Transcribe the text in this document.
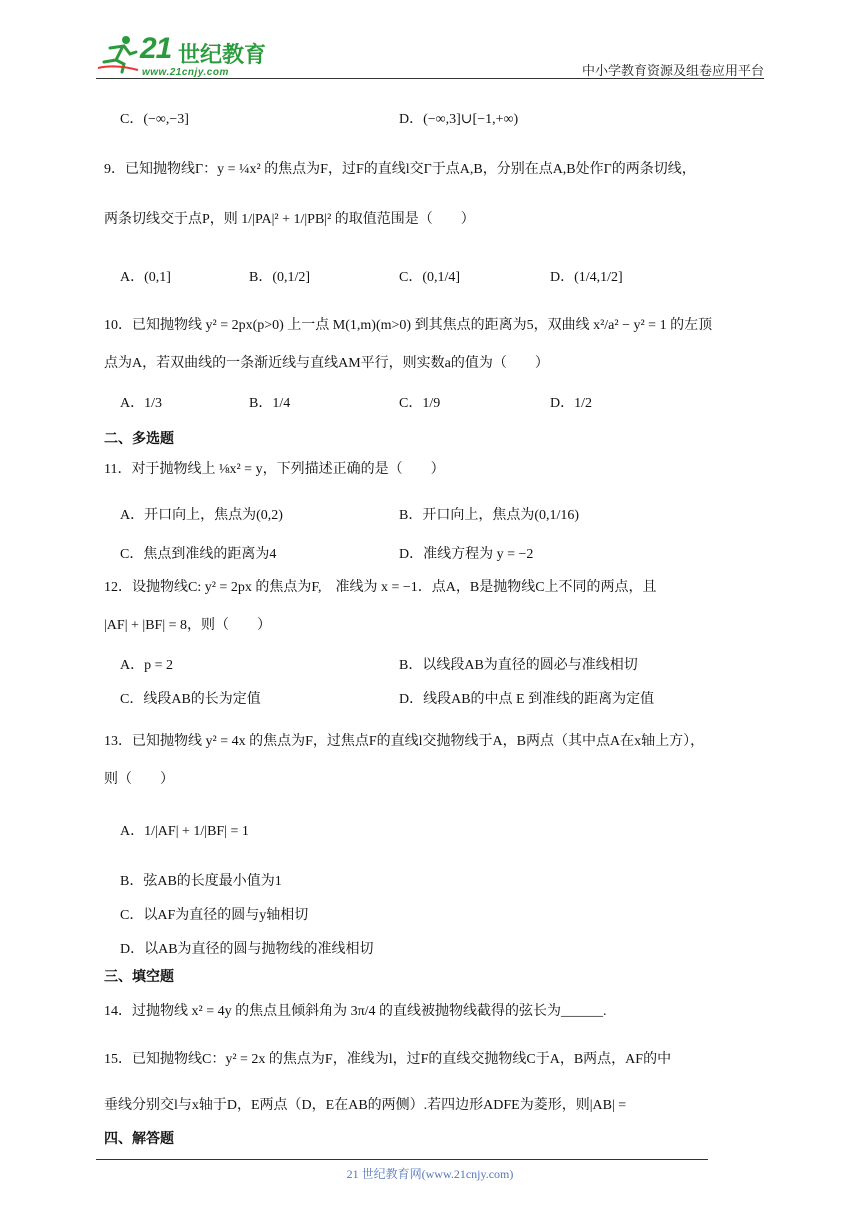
21 世纪教育
www.21cnjy.com	中小学教育资源及组卷应用平台
C．(−∞,−3]	D．(−∞,3]∪[−1,+∞)
9．已知抛物线Γ：y = ¼x² 的焦点为F，过F的直线l交Γ于点A,B，分别在点A,B处作Γ的两条切线，
两条切线交于点P，则 1/|PA|² + 1/|PB|² 的取值范围是（　　）
A．(0,1]	B．(0,1/2]	C．(0,1/4]	D．(1/4,1/2]
10．已知抛物线 y² = 2px(p>0) 上一点 M(1,m)(m>0) 到其焦点的距离为5，双曲线 x²/a² − y² = 1 的左顶
点为A，若双曲线的一条渐近线与直线AM平行，则实数a的值为（　　）
A．1/3	B．1/4	C．1/9	D．1/2
二、多选题
11．对于抛物线上 ⅛x² = y，下列描述正确的是（　　）
A．开口向上，焦点为(0,2)	B．开口向上，焦点为(0,1/16)
C．焦点到准线的距离为4	D．准线方程为 y = −2
12．设抛物线C: y² = 2px 的焦点为F,　准线为 x = −1．点A，B是抛物线C上不同的两点，且
|AF| + |BF| = 8，则（　　）
A．p = 2	B．以线段AB为直径的圆必与准线相切
C．线段AB的长为定值	D．线段AB的中点 E 到准线的距离为定值
13．已知抛物线 y² = 4x 的焦点为F，过焦点F的直线l交抛物线于A，B两点（其中点A在x轴上方），
则（　　）
A．1/|AF| + 1/|BF| = 1
B．弦AB的长度最小值为1
C．以AF为直径的圆与y轴相切
D．以AB为直径的圆与抛物线的准线相切
三、填空题
14．过抛物线 x² = 4y 的焦点且倾斜角为 3π/4 的直线被抛物线截得的弦长为______.
15．已知抛物线C：y² = 2x 的焦点为F，准线为l，过F的直线交抛物线C于A，B两点，AF的中
垂线分别交l与x轴于D，E两点（D，E在AB的两侧）.若四边形ADFE为菱形，则|AB| =
四、解答题
21 世纪教育网(www.21cnjy.com)
